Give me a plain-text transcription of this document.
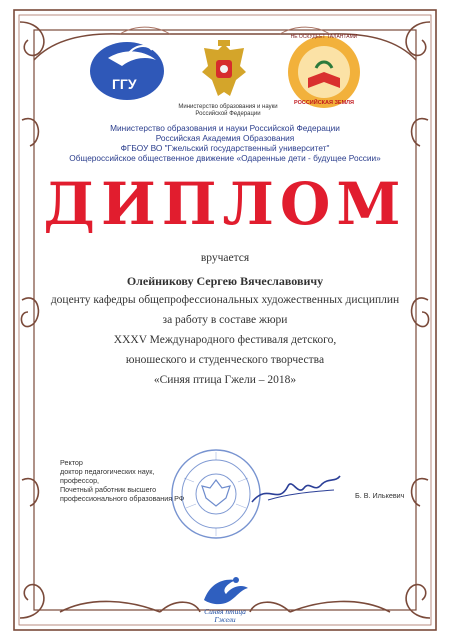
ГГУ
Министерство образования и науки
Российской Федерации
НЕ ОСКУДЕЕТ ТАЛАНТАМИ
РОССИЙСКАЯ ЗЕМЛЯ
Министерство образования и науки Российской Федерации
Российская Академия Образования
ФГБОУ ВО "Гжельский государственный университет"
Общероссийское общественное движение «Одаренные дети - будущее России»
ДИПЛОМ
вручается
Олейникову Сергею Вячеславовичу
доценту кафедры общепрофессиональных художественных дисциплин
за работу в составе жюри
XXXV Международного фестиваля детского,
юношеского и студенческого творчества
«Синяя птица Гжели – 2018»
Ректор
доктор педагогических наук,
профессор,
Почетный работник высшего
профессионального образования РФ	Б. В. Илькевич
Синяя птица
Гжели
